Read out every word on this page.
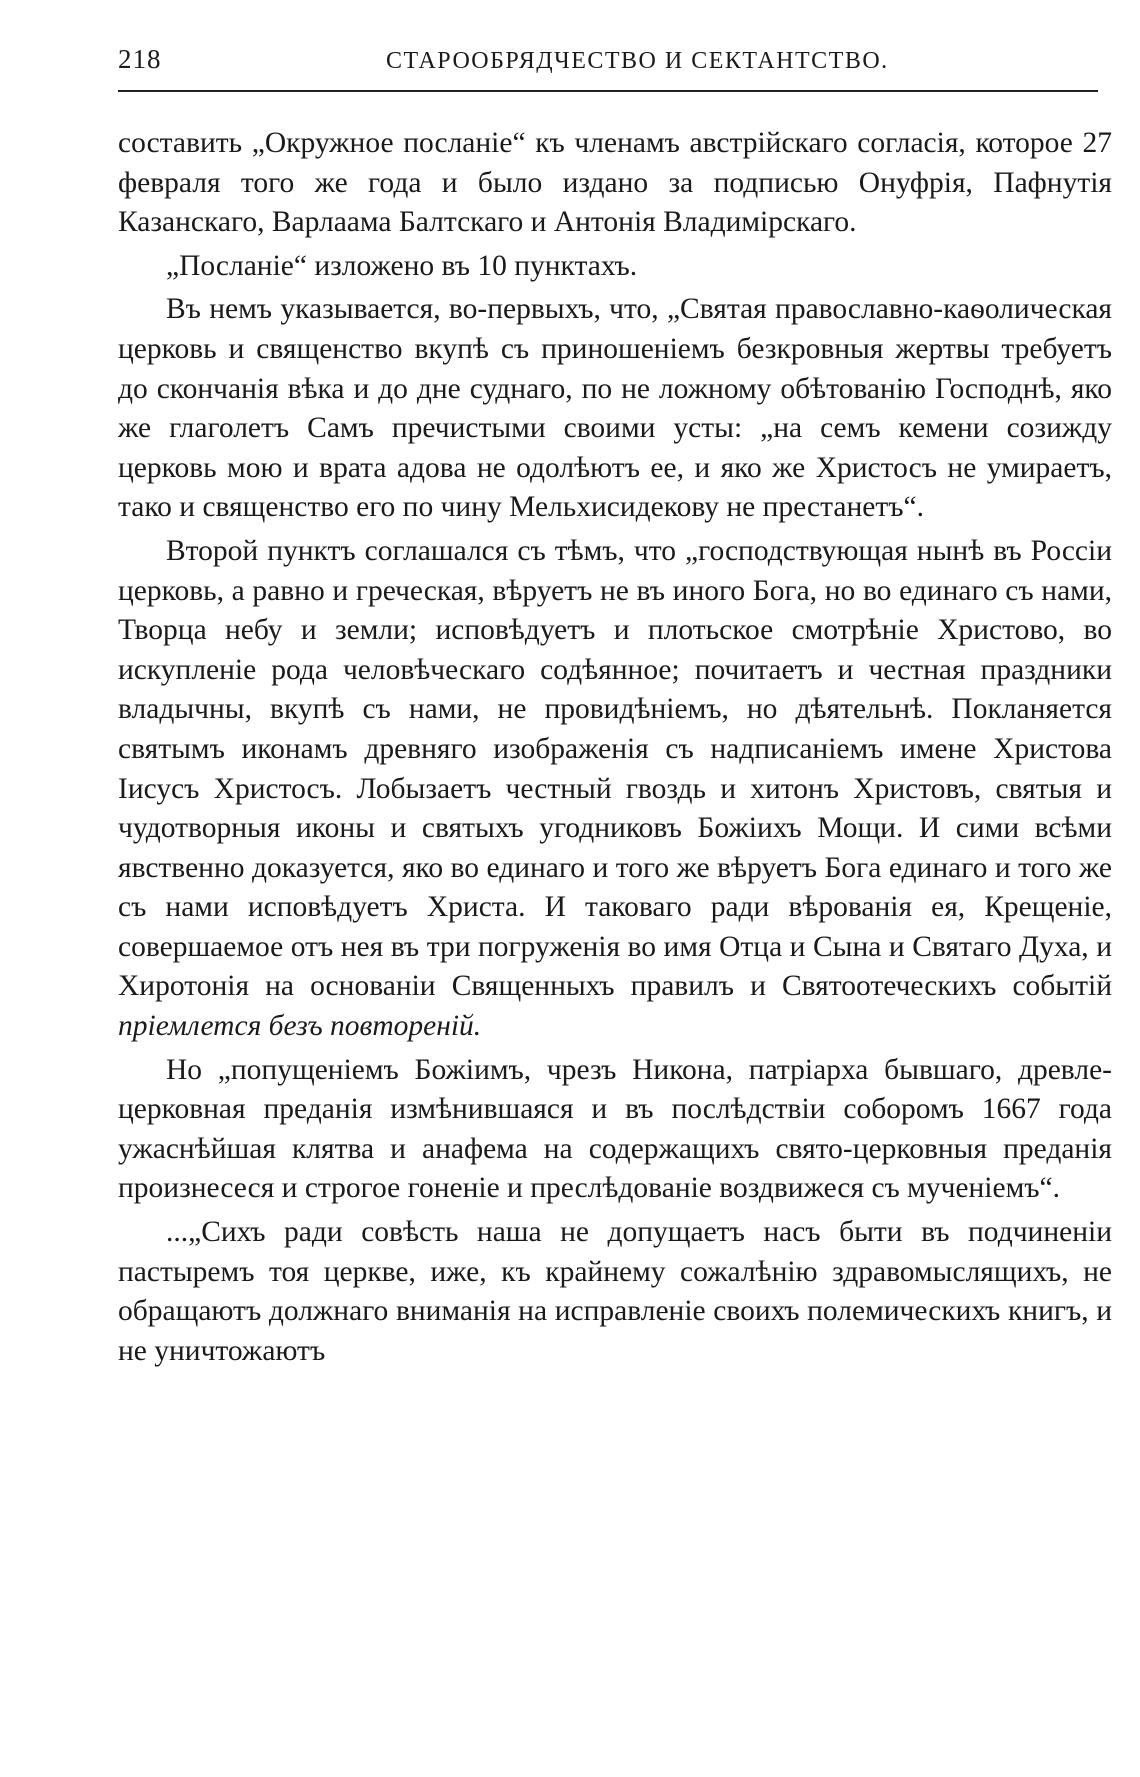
218	СТАРООБРЯДЧЕСТВО И СЕКТАНТСТВО.

составить „Окружное посланіе“ къ членамъ австрійскаго согласія, которое 27 февраля того же года и было издано за подписью Онуфрія, Пафнутія Казанскаго, Варлаама Балтскаго и Антонія Владимірскаго.

„Посланіе“ изложено въ 10 пунктахъ.

Въ немъ указывается, во-первыхъ, что, „Святая православно-каѳолическая церковь и священство вкупѣ съ приношеніемъ безкровныя жертвы требуетъ до скончанія вѣка и до дне суднаго, по не ложному обѣтованію Господнѣ, яко же глаголетъ Самъ пречистыми своими усты: „на семъ кемени созижду церковь мою и врата адова не одолѣютъ ее, и яко же Христосъ не умираетъ, тако и священство его по чину Мельхисидекову не престанетъ“.

Второй пунктъ соглашался съ тѣмъ, что „господствующая нынѣ въ Россіи церковь, а равно и греческая, вѣруетъ не въ иного Бога, но во единаго съ нами, Творца небу и земли; исповѣдуетъ и плотьское смотрѣніе Христово, во искупленіе рода человѣческаго содѣянное; почитаетъ и честная праздники владычны, вкупѣ съ нами, не провидѣніемъ, но дѣятельнѣ. Покланяется святымъ иконамъ древняго изображенія съ надписаніемъ имене Христова Іисусъ Христосъ. Лобызаетъ честный гвоздь и хитонъ Христовъ, святыя и чудотворныя иконы и святыхъ угодниковъ Божіихъ Мощи. И сими всѣми явственно доказуется, яко во единаго и того же вѣруетъ Бога единаго и того же съ нами исповѣдуетъ Христа. И таковаго ради вѣрованія ея, Крещеніе, совершаемое отъ нея въ три погруженія во имя Отца и Сына и Святаго Духа, и Хиротонія на основаніи Священныхъ правилъ и Святоотеческихъ событій пріемлется безъ повтореній.

Но „попущеніемъ Божіимъ, чрезъ Никона, патріарха бывшаго, древле-церковная преданія измѣнившаяся и въ послѣдствіи соборомъ 1667 года ужаснѣйшая клятва и анафема на содержащихъ свято-церковныя преданія произнесеся и строгое гоненіе и преслѣдованіе воздвижеся съ мученіемъ“.

...„Сихъ ради совѣсть наша не допущаетъ насъ быти въ подчиненіи пастыремъ тоя церкве, иже, къ крайнему сожалѣнію здравомыслящихъ, не обращаютъ должнаго вниманія на исправленіе своихъ полемическихъ книгъ, и не уничтожаютъ
